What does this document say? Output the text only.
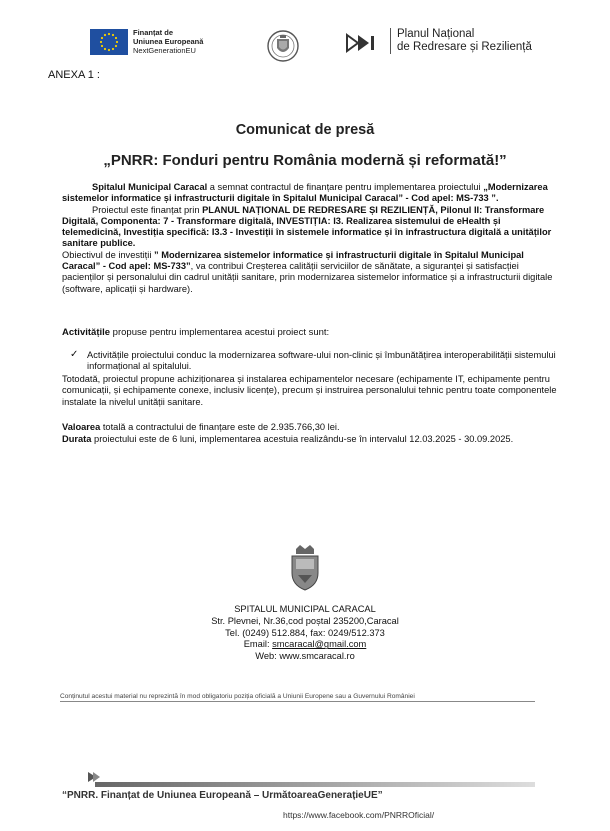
Finanțat de
Uniunea Europeană
NextGenerationEU
Planul Național
de Redresare și Reziliență
ANEXA 1 :
Comunicat de presă
„PNRR: Fonduri pentru România modernă și reformată!”

Spitalul Municipal Caracal a semnat contractul de finanțare pentru implementarea proiectului „Modernizarea sistemelor informatice și infrastructurii digitale în Spitalul Municipal Caracal” - Cod apel: MS-733 ”.

Proiectul este finanțat prin PLANUL NAȚIONAL DE REDRESARE ȘI REZILIENȚĂ, Pilonul II: Transformare Digitală, Componenta: 7 - Transformare digitală, INVESTIȚIA: I3. Realizarea sistemului de eHealth și telemedicină, Investiția specifică: I3.3 - Investiții în sistemele informatice și în infrastructura digitală a unităților sanitare publice.

Obiectivul de investiții ” Modernizarea sistemelor informatice și infrastructurii digitale în Spitalul Municipal Caracal” - Cod apel: MS-733”, va contribui Creșterea calității serviciilor de sănătate, a siguranței și satisfacției pacienților și personalului din cadrul unității sanitare, prin modernizarea sistemelor informatice și a infrastructurii digitale (software, aplicații și hardware).

Activitățile propuse pentru implementarea acestui proiect sunt:
✓ Activitățile proiectului conduc la modernizarea software-ului non-clinic și îmbunătățirea interoperabilității sistemului informațional al spitalului.
Totodată, proiectul propune achiziționarea și instalarea echipamentelor necesare (echipamente IT, echipamente pentru comunicații, și echipamente conexe, inclusiv licențe), precum și instruirea personalului tehnic pentru toate componentele instalate la nivelul unității sanitare.
Valoarea totală a contractului de finanțare este de 2.935.766,30 lei.
Durata proiectului este de 6 luni, implementarea acestuia realizându-se în intervalul 12.03.2025 - 30.09.2025.
SPITALUL MUNICIPAL CARACAL
Str. Plevnei, Nr.36,cod poștal 235200,Caracal
Tel. (0249) 512.884, fax: 0249/512.373
Email: smcaracal@gmail.com
Web: www.smcaracal.ro
Conținutul acestui material nu reprezintă în mod obligatoriu poziția oficială a Uniunii Europene sau a Guvernului României
“PNRR. Finanțat de Uniunea Europeană – UrmătoareaGenerațieUE”
https://www.facebook.com/PNRROficial/
